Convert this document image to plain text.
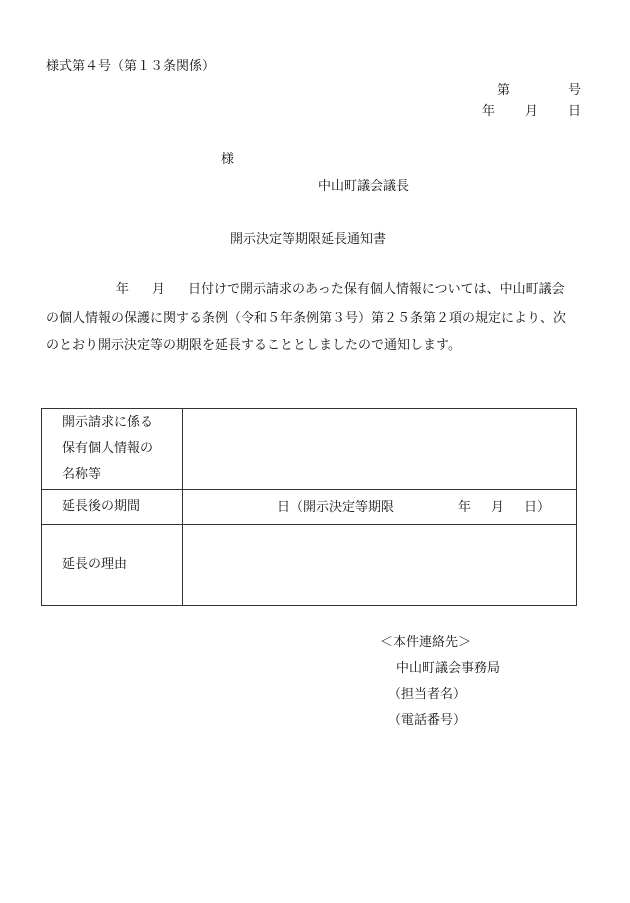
様式第４号（第１３条関係）
第	号
年 月 日
様
中山町議会議長
開示決定等期限延長通知書
年 月 日付けで開示請求のあった保有個人情報については、中山町議会
の個人情報の保護に関する条例（令和５年条例第３号）第２５条第２項の規定により、次
のとおり開示決定等の期限を延長することとしましたので通知します。
開示請求に係る
保有個人情報の
名称等	

延長後の期間	日（開示決定等期限 年 月 日）

延長の理由	
＜本件連絡先＞
中山町議会事務局
（担当者名）
（電話番号）
